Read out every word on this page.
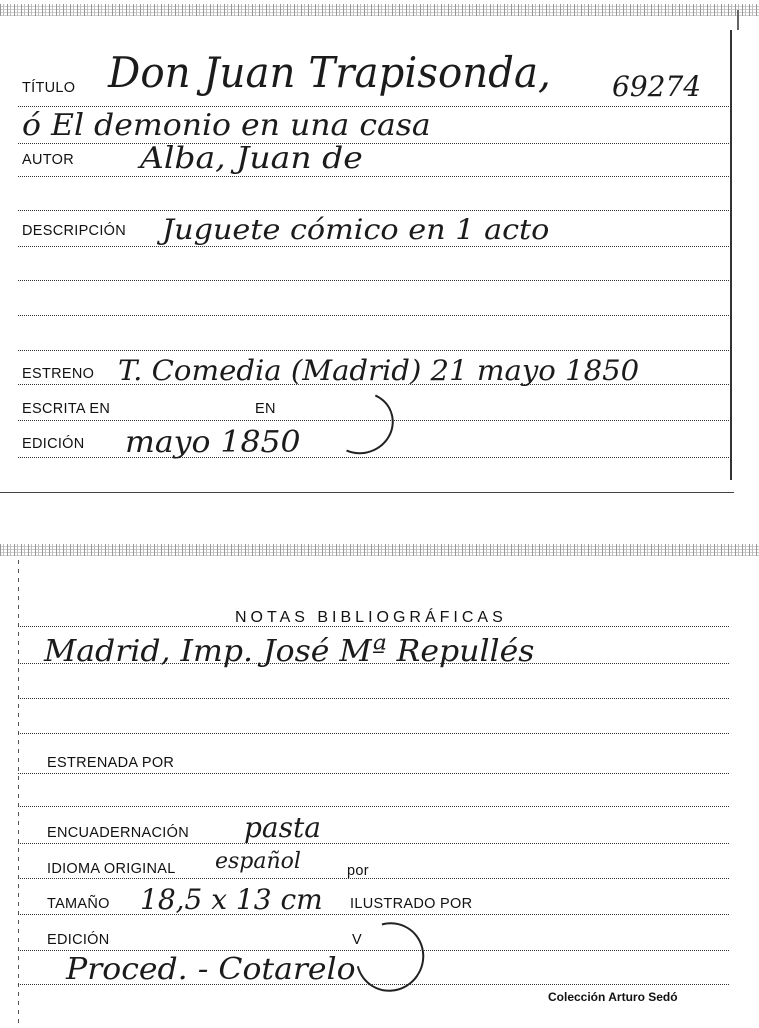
TÍTULO Don Juan Trapisonda, 69274
ó El demonio en una casa
AUTOR Alba, Juan de
DESCRIPCIÓN Juguete cómico en 1 acto
ESTRENO T. Comedia (Madrid) 21 mayo 1850
ESCRITA EN	EN
EDICIÓN mayo 1850
NOTAS BIBLIOGRÁFICAS
Madrid, Imp. José Mª Repullés
ESTRENADA POR
ENCUADERNACIÓN pasta
IDIOMA ORIGINAL español	por
TAMAÑO 18,5 x 13 cm ILUSTRADO POR
EDICIÓN	V
Proced. - Cotarelo
Colección Arturo Sedó
